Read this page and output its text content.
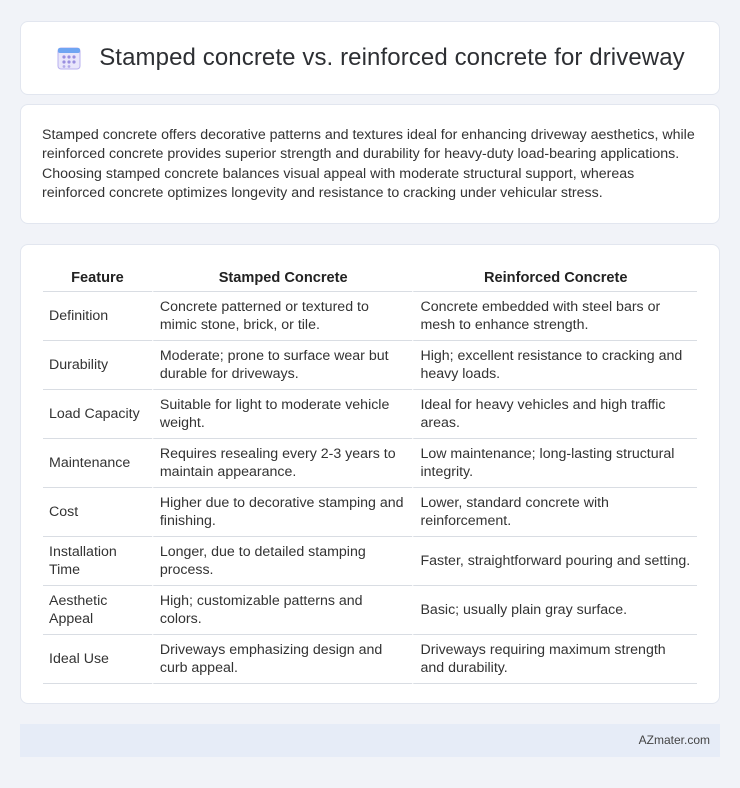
Stamped concrete vs. reinforced concrete for driveway
Stamped concrete offers decorative patterns and textures ideal for enhancing driveway aesthetics, while reinforced concrete provides superior strength and durability for heavy-duty load-bearing applications. Choosing stamped concrete balances visual appeal with moderate structural support, whereas reinforced concrete optimizes longevity and resistance to cracking under vehicular stress.
Feature	Stamped Concrete	Reinforced Concrete
Definition	Concrete patterned or textured to mimic stone, brick, or tile.	Concrete embedded with steel bars or mesh to enhance strength.
Durability	Moderate; prone to surface wear but durable for driveways.	High; excellent resistance to cracking and heavy loads.
Load Capacity	Suitable for light to moderate vehicle weight.	Ideal for heavy vehicles and high traffic areas.
Maintenance	Requires resealing every 2-3 years to maintain appearance.	Low maintenance; long-lasting structural integrity.
Cost	Higher due to decorative stamping and finishing.	Lower, standard concrete with reinforcement.
Installation Time	Longer, due to detailed stamping process.	Faster, straightforward pouring and setting.
Aesthetic Appeal	High; customizable patterns and colors.	Basic; usually plain gray surface.
Ideal Use	Driveways emphasizing design and curb appeal.	Driveways requiring maximum strength and durability.
AZmater.com
